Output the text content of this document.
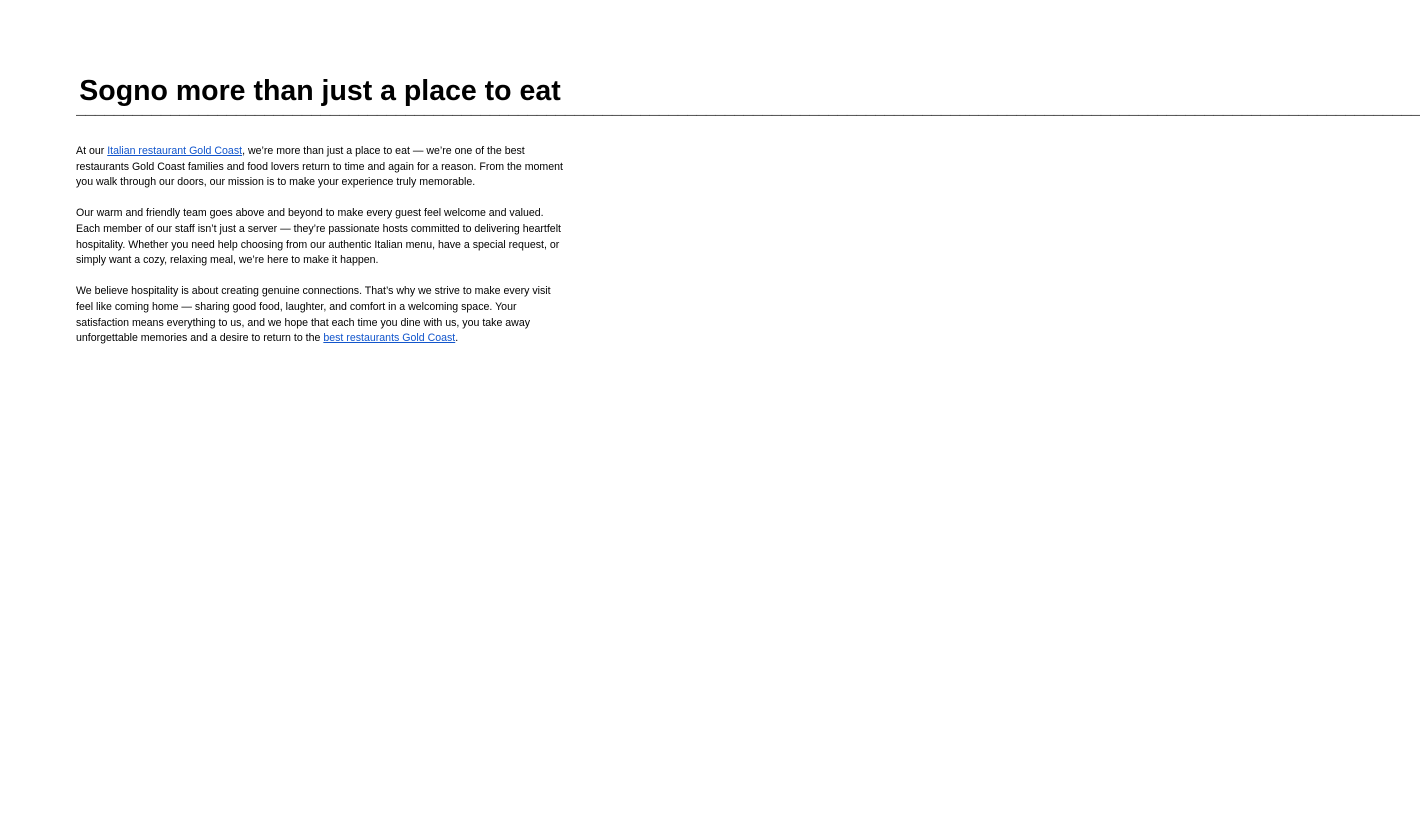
Sogno more than just a place to eat
———————————————————————————————————————————————————————————————————————————————————————————————————————————————————————————————————————————————

At our Italian restaurant Gold Coast, we’re more than just a place to eat — we’re one of the best restaurants Gold Coast families and food lovers return to time and again for a reason. From the moment you walk through our doors, our mission is to make your experience truly memorable.

Our warm and friendly team goes above and beyond to make every guest feel welcome and valued. Each member of our staff isn’t just a server — they’re passionate hosts committed to delivering heartfelt hospitality. Whether you need help choosing from our authentic Italian menu, have a special request, or simply want a cozy, relaxing meal, we’re here to make it happen.

We believe hospitality is about creating genuine connections. That’s why we strive to make every visit feel like coming home — sharing good food, laughter, and comfort in a welcoming space. Your satisfaction means everything to us, and we hope that each time you dine with us, you take away unforgettable memories and a desire to return to the best restaurants Gold Coast.
